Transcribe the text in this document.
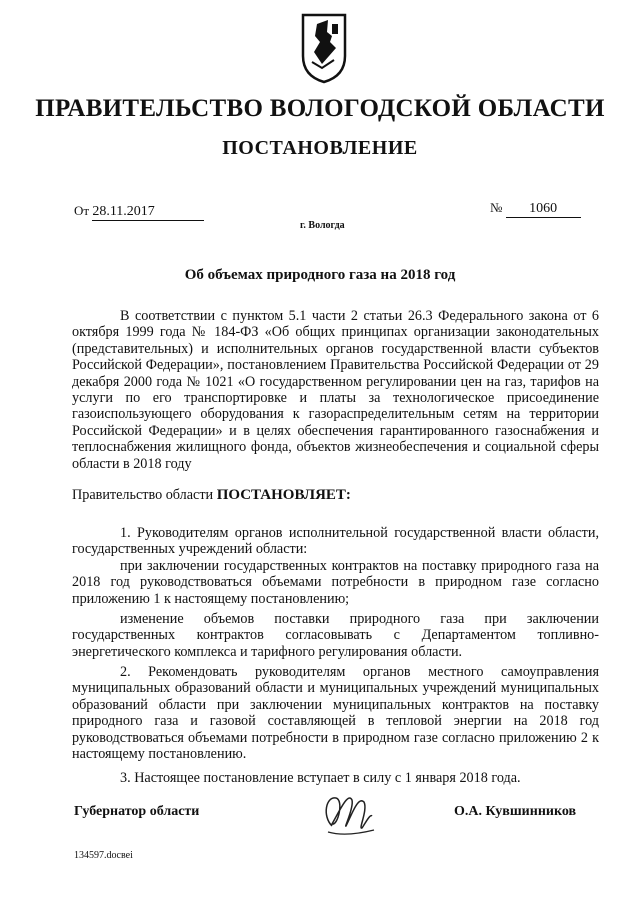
ПРАВИТЕЛЬСТВО ВОЛОГОДСКОЙ ОБЛАСТИ
ПОСТАНОВЛЕНИЕ
От 28.11.2017	№ 1060
г. Вологда
Об объемах природного газа на 2018 год
В соответствии с пунктом 5.1 части 2 статьи 26.3 Федерального закона от 6 октября 1999 года № 184-ФЗ «Об общих принципах организации законодательных (представительных) и исполнительных органов государственной власти субъектов Российской Федерации», постановлением Правительства Российской Федерации от 29 декабря 2000 года № 1021 «О государственном регулировании цен на газ, тарифов на услуги по его транспортировке и платы за технологическое присоединение газоиспользующего оборудования к газораспределительным сетям на территории Российской Федерации» и в целях обеспечения гарантированного газоснабжения и теплоснабжения жилищного фонда, объектов жизнеобеспечения и социальной сферы области в 2018 году
Правительство области ПОСТАНОВЛЯЕТ:
1. Руководителям органов исполнительной государственной власти области, государственных учреждений области:
при заключении государственных контрактов на поставку природного газа на 2018 год руководствоваться объемами потребности в природном газе согласно приложению 1 к настоящему постановлению;
изменение объемов поставки природного газа при заключении государственных контрактов согласовывать с Департаментом топливно-энергетического комплекса и тарифного регулирования области.
2. Рекомендовать руководителям органов местного самоуправления муниципальных образований области и муниципальных учреждений муниципальных образований области при заключении муниципальных контрактов на поставку природного газа и газовой составляющей в тепловой энергии на 2018 год руководствоваться объемами потребности в природном газе согласно приложению 2 к настоящему постановлению.
3. Настоящее постановление вступает в силу с 1 января 2018 года.
Губернатор области	О.А. Кувшинников
134597.docвei
